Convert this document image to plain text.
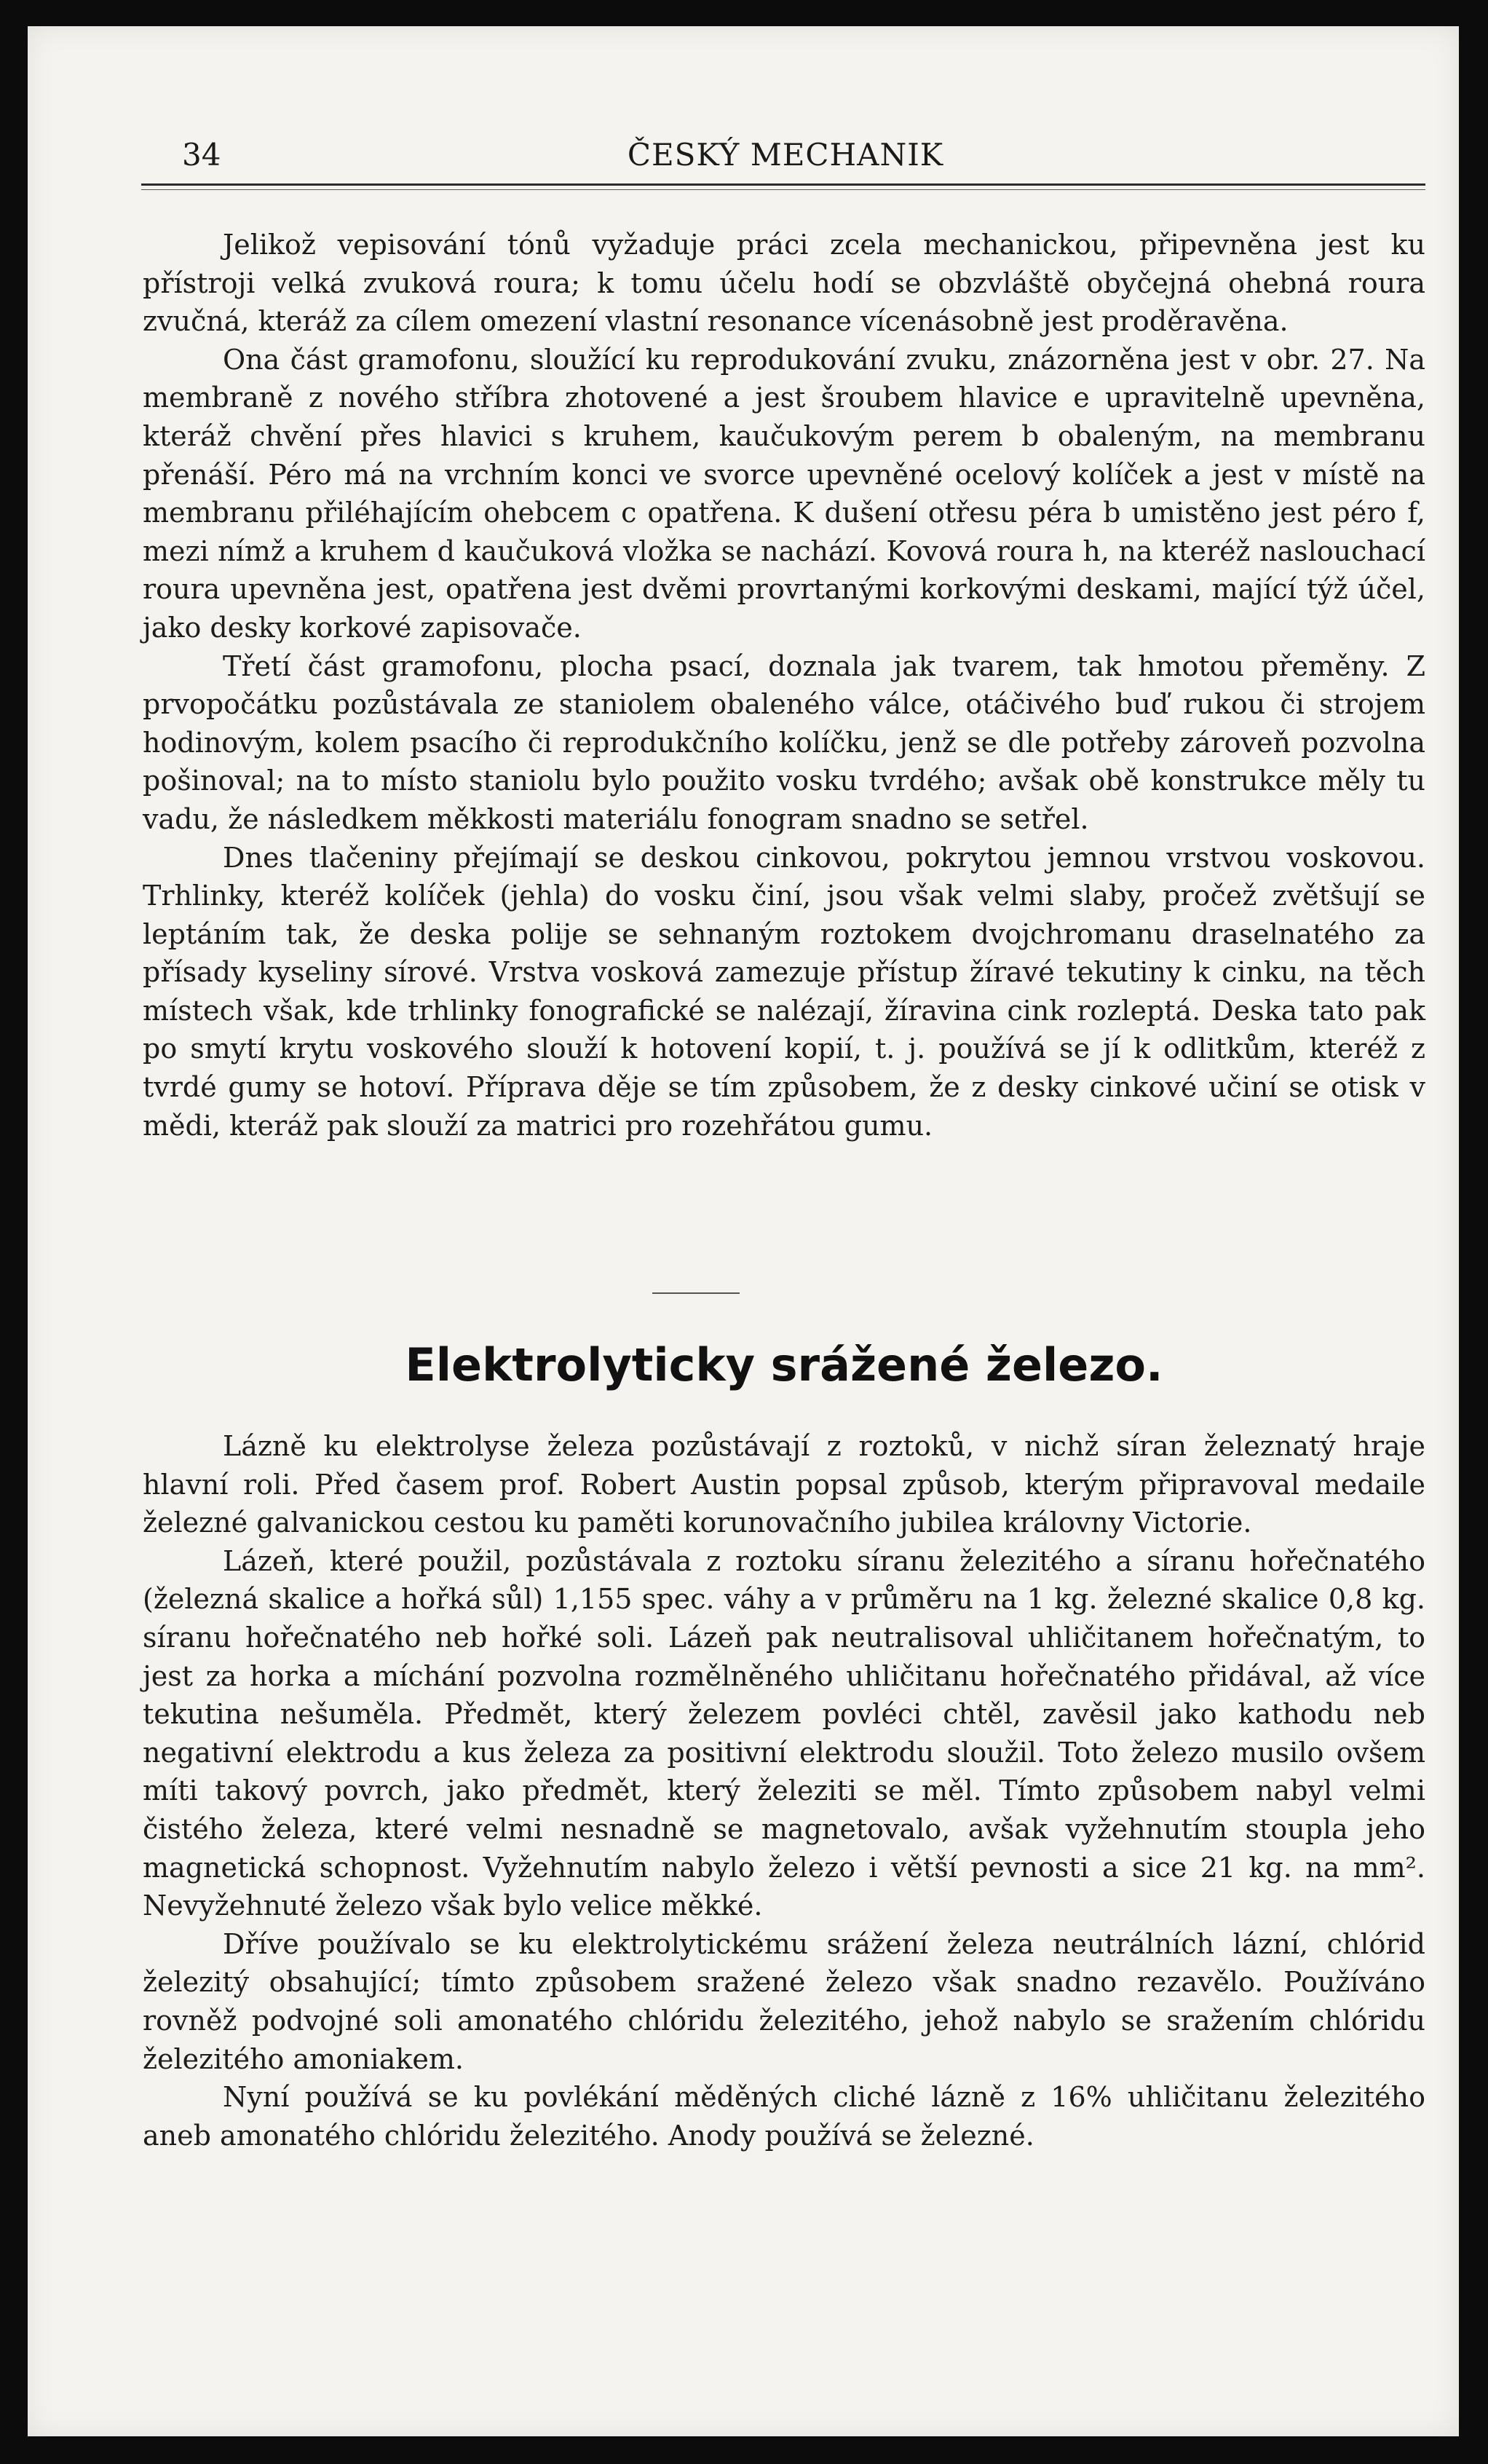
34	ČESKÝ MECHANIK

Jelikož vepisování tónů vyžaduje práci zcela mechanickou, připevněna jest ku přístroji velká zvuková roura; k tomu účelu hodí se obzvláště obyčejná ohebná roura zvučná, kteráž za cílem omezení vlastní resonance vícenásobně jest proděravěna.

Ona část gramofonu, sloužící ku reprodukování zvuku, znázorněna jest v obr. 27. Na membraně z nového stříbra zhotovené a jest šroubem hlavice e upravitelně upevněna, kteráž chvění přes hlavici s kruhem, kaučukovým perem b obaleným, na membranu přenáší. Péro má na vrchním konci ve svorce upevněné ocelový kolíček a jest v místě na membranu přiléhajícím ohebcem c opatřena. K dušení otřesu péra b umistěno jest péro f, mezi nímž a kruhem d kaučuková vložka se nachází. Kovová roura h, na kteréž naslouchací roura upevněna jest, opatřena jest dvěmi provrtanými korkovými deskami, mající týž účel, jako desky korkové zapisovače.

Třetí část gramofonu, plocha psací, doznala jak tvarem, tak hmotou přeměny. Z prvopočátku pozůstávala ze staniolem obaleného válce, otáčivého buď rukou či strojem hodinovým, kolem psacího či reprodukčního kolíčku, jenž se dle potřeby zároveň pozvolna pošinoval; na to místo staniolu bylo použito vosku tvrdého; avšak obě konstrukce měly tu vadu, že následkem měkkosti materiálu fonogram snadno se setřel.

Dnes tlačeniny přejímají se deskou cinkovou, pokrytou jemnou vrstvou voskovou. Trhlinky, kteréž kolíček (jehla) do vosku činí, jsou však velmi slaby, pročež zvětšují se leptáním tak, že deska polije se sehnaným roztokem dvojchromanu draselnatého za přísady kyseliny sírové. Vrstva vosková zamezuje přístup žíravé tekutiny k cinku, na těch místech však, kde trhlinky fonografické se nalézají, žíravina cink rozleptá. Deska tato pak po smytí krytu voskového slouží k hotovení kopií, t. j. používá se jí k odlitkům, kteréž z tvrdé gumy se hotoví. Příprava děje se tím způsobem, že z desky cinkové učiní se otisk v mědi, kteráž pak slouží za matrici pro rozehřátou gumu.

Elektrolyticky srážené železo.

Lázně ku elektrolyse železa pozůstávají z roztoků, v nichž síran železnatý hraje hlavní roli. Před časem prof. Robert Austin popsal způsob, kterým připravoval medaile železné galvanickou cestou ku paměti korunovačního jubilea královny Victorie.

Lázeň, které použil, pozůstávala z roztoku síranu železitého a síranu hořečnatého (železná skalice a hořká sůl) 1,155 spec. váhy a v průměru na 1 kg. železné skalice 0,8 kg. síranu hořečnatého neb hořké soli. Lázeň pak neutralisoval uhličitanem hořečnatým, to jest za horka a míchání pozvolna rozmělněného uhličitanu hořečnatého přidával, až více tekutina nešuměla. Předmět, který železem povléci chtěl, zavěsil jako kathodu neb negativní elektrodu a kus železa za positivní elektrodu sloužil. Toto železo musilo ovšem míti takový povrch, jako předmět, který železiti se měl. Tímto způsobem nabyl velmi čistého železa, které velmi nesnadně se magnetovalo, avšak vyžehnutím stoupla jeho magnetická schopnost. Vyžehnutím nabylo železo i větší pevnosti a sice 21 kg. na mm². Nevyžehnuté železo však bylo velice měkké.

Dříve používalo se ku elektrolytickému srážení železa neutrálních lázní, chlórid železitý obsahující; tímto způsobem sražené železo však snadno rezavělo. Používáno rovněž podvojné soli amonatého chlóridu železitého, jehož nabylo se sražením chlóridu železitého amoniakem.

Nyní používá se ku povlékání měděných cliché lázně z 16% uhličitanu železitého aneb amonatého chlóridu železitého. Anody používá se železné.
